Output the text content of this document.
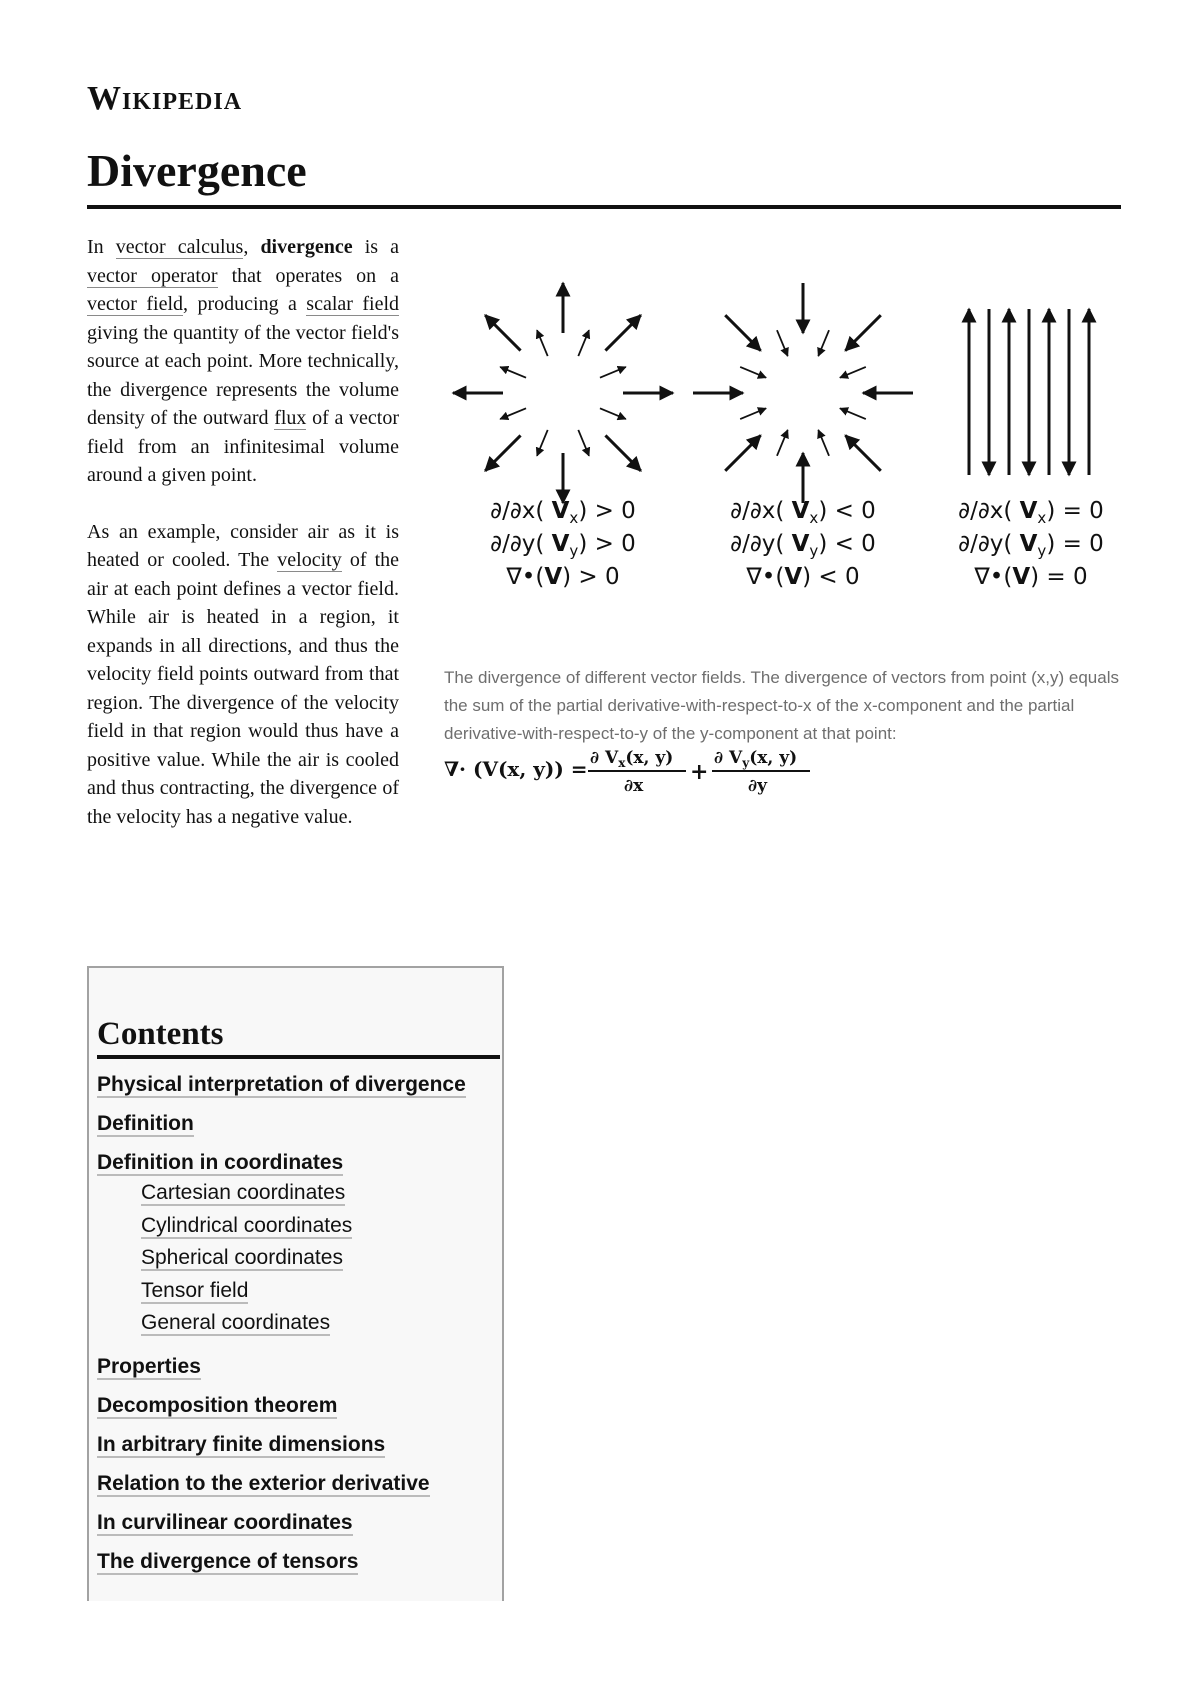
Wikipedia
Divergence
∂/∂x( $V_x) > 0$
∂/∂y( $V_y) > 0$
∇•(V) > 0
∂/∂x( $V_x) < 0$
∂/∂y( $V_y) < 0$
∇•(V) < 0
∂/∂x( $V_x) = 0$
∂/∂y( $V_y) = 0$
∇•(V) = 0
The divergence of different vector fields. The divergence of vectors from point (x,y) equals the sum of the partial derivative-with-respect-to-x of the x-component and the partial derivative-with-respect-to-y of the y-component at that point:
∇· (V(x, y)) = ∂ $V_x(x$, y)
∂x
+
∂ $V_y(x$, y)
∂y

In vector calculus, divergence is a vector operator that operates on a vector field, producing a scalar field giving the quantity of the vector field's source at each point. More technically, the divergence represents the volume density of the outward flux of a vector field from an infinitesimal volume around a given point.

As an example, consider air as it is heated or cooled. The velocity of the air at each point defines a vector field. While air is heated in a region, it expands in all directions, and thus the velocity field points outward from that region. The divergence of the velocity field in that region would thus have a positive value. While the air is cooled and thus contracting, the divergence of the velocity has a negative value.

Contents
Physical interpretation of divergence
Definition
Definition in coordinates
Cartesian coordinates
Cylindrical coordinates
Spherical coordinates
Tensor field
General coordinates
Properties
Decomposition theorem
In arbitrary finite dimensions
Relation to the exterior derivative
In curvilinear coordinates
The divergence of tensors
